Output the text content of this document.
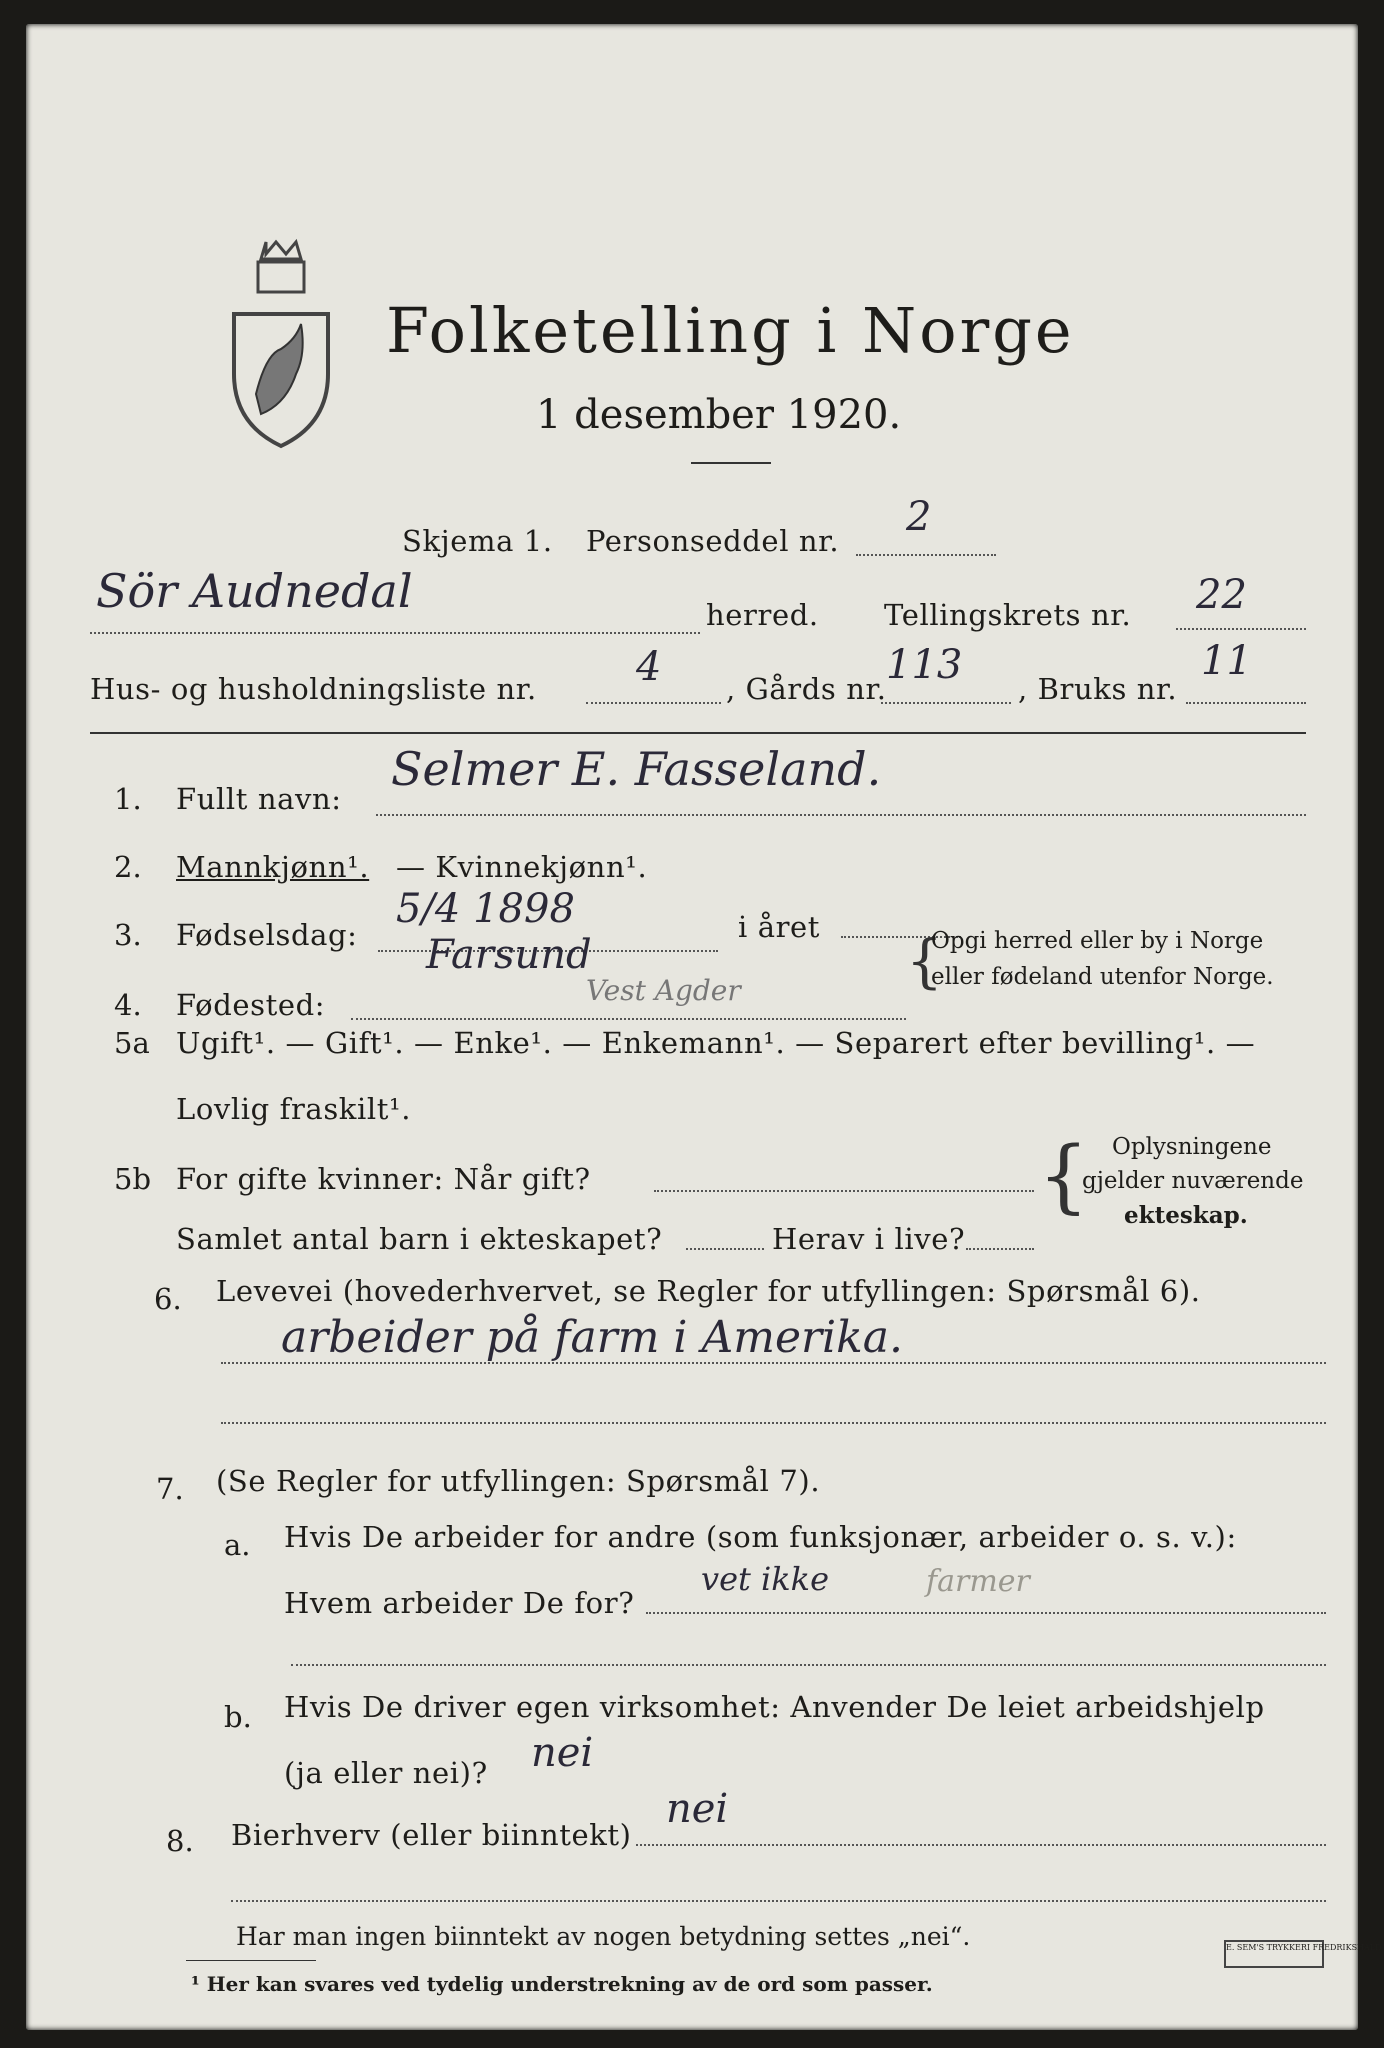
Folketelling i Norge
1 desember 1920.
Skjema 1. Personseddel nr.
2
Sör Audnedal	herred. Tellingskrets nr. 22
Hus- og husholdningsliste nr. 4 , Gårds nr.
113
, Bruks nr.
11
1. Fullt navn:
Selmer E. Fasseland.
2. Mannkjønn¹. — Kvinnekjønn¹.
3. Fødselsdag:
5/4 1898	i året
4. Fødested:
Farsund	{
Opgi herred eller by i Norge
eller fødeland utenfor Norge.
5a
Vest Agder
Ugift¹. — Gift¹. — Enke¹. — Enkemann¹. — Separert efter bevilling¹. —
Lovlig fraskilt¹.
5b For gifte kvinner: Når gift?
Samlet antal barn i ekteskapet?	Herav i live?
{ Oplysningene
gjelder nuværende
ekteskap.
6. Levevei (hovederhvervet, se Regler for utfyllingen: Spørsmål 6).
arbeider på farm i Amerika.
7. (Se Regler for utfyllingen: Spørsmål 7).
a. Hvis De arbeider for andre (som funksjonær, arbeider o. s. v.):
Hvem arbeider De for?
vet ikke	farmer
b. Hvis De driver egen virksomhet: Anvender De leiet arbeidshjelp
(ja eller nei)? nei
8. Bierhverv (eller biinntekt)
nei
Har man ingen biinntekt av nogen betydning settes „nei“.
¹ Her kan svares ved tydelig understrekning av de ord som passer.
E. SEM'S TRYKKERI FREDRIKSHALD
